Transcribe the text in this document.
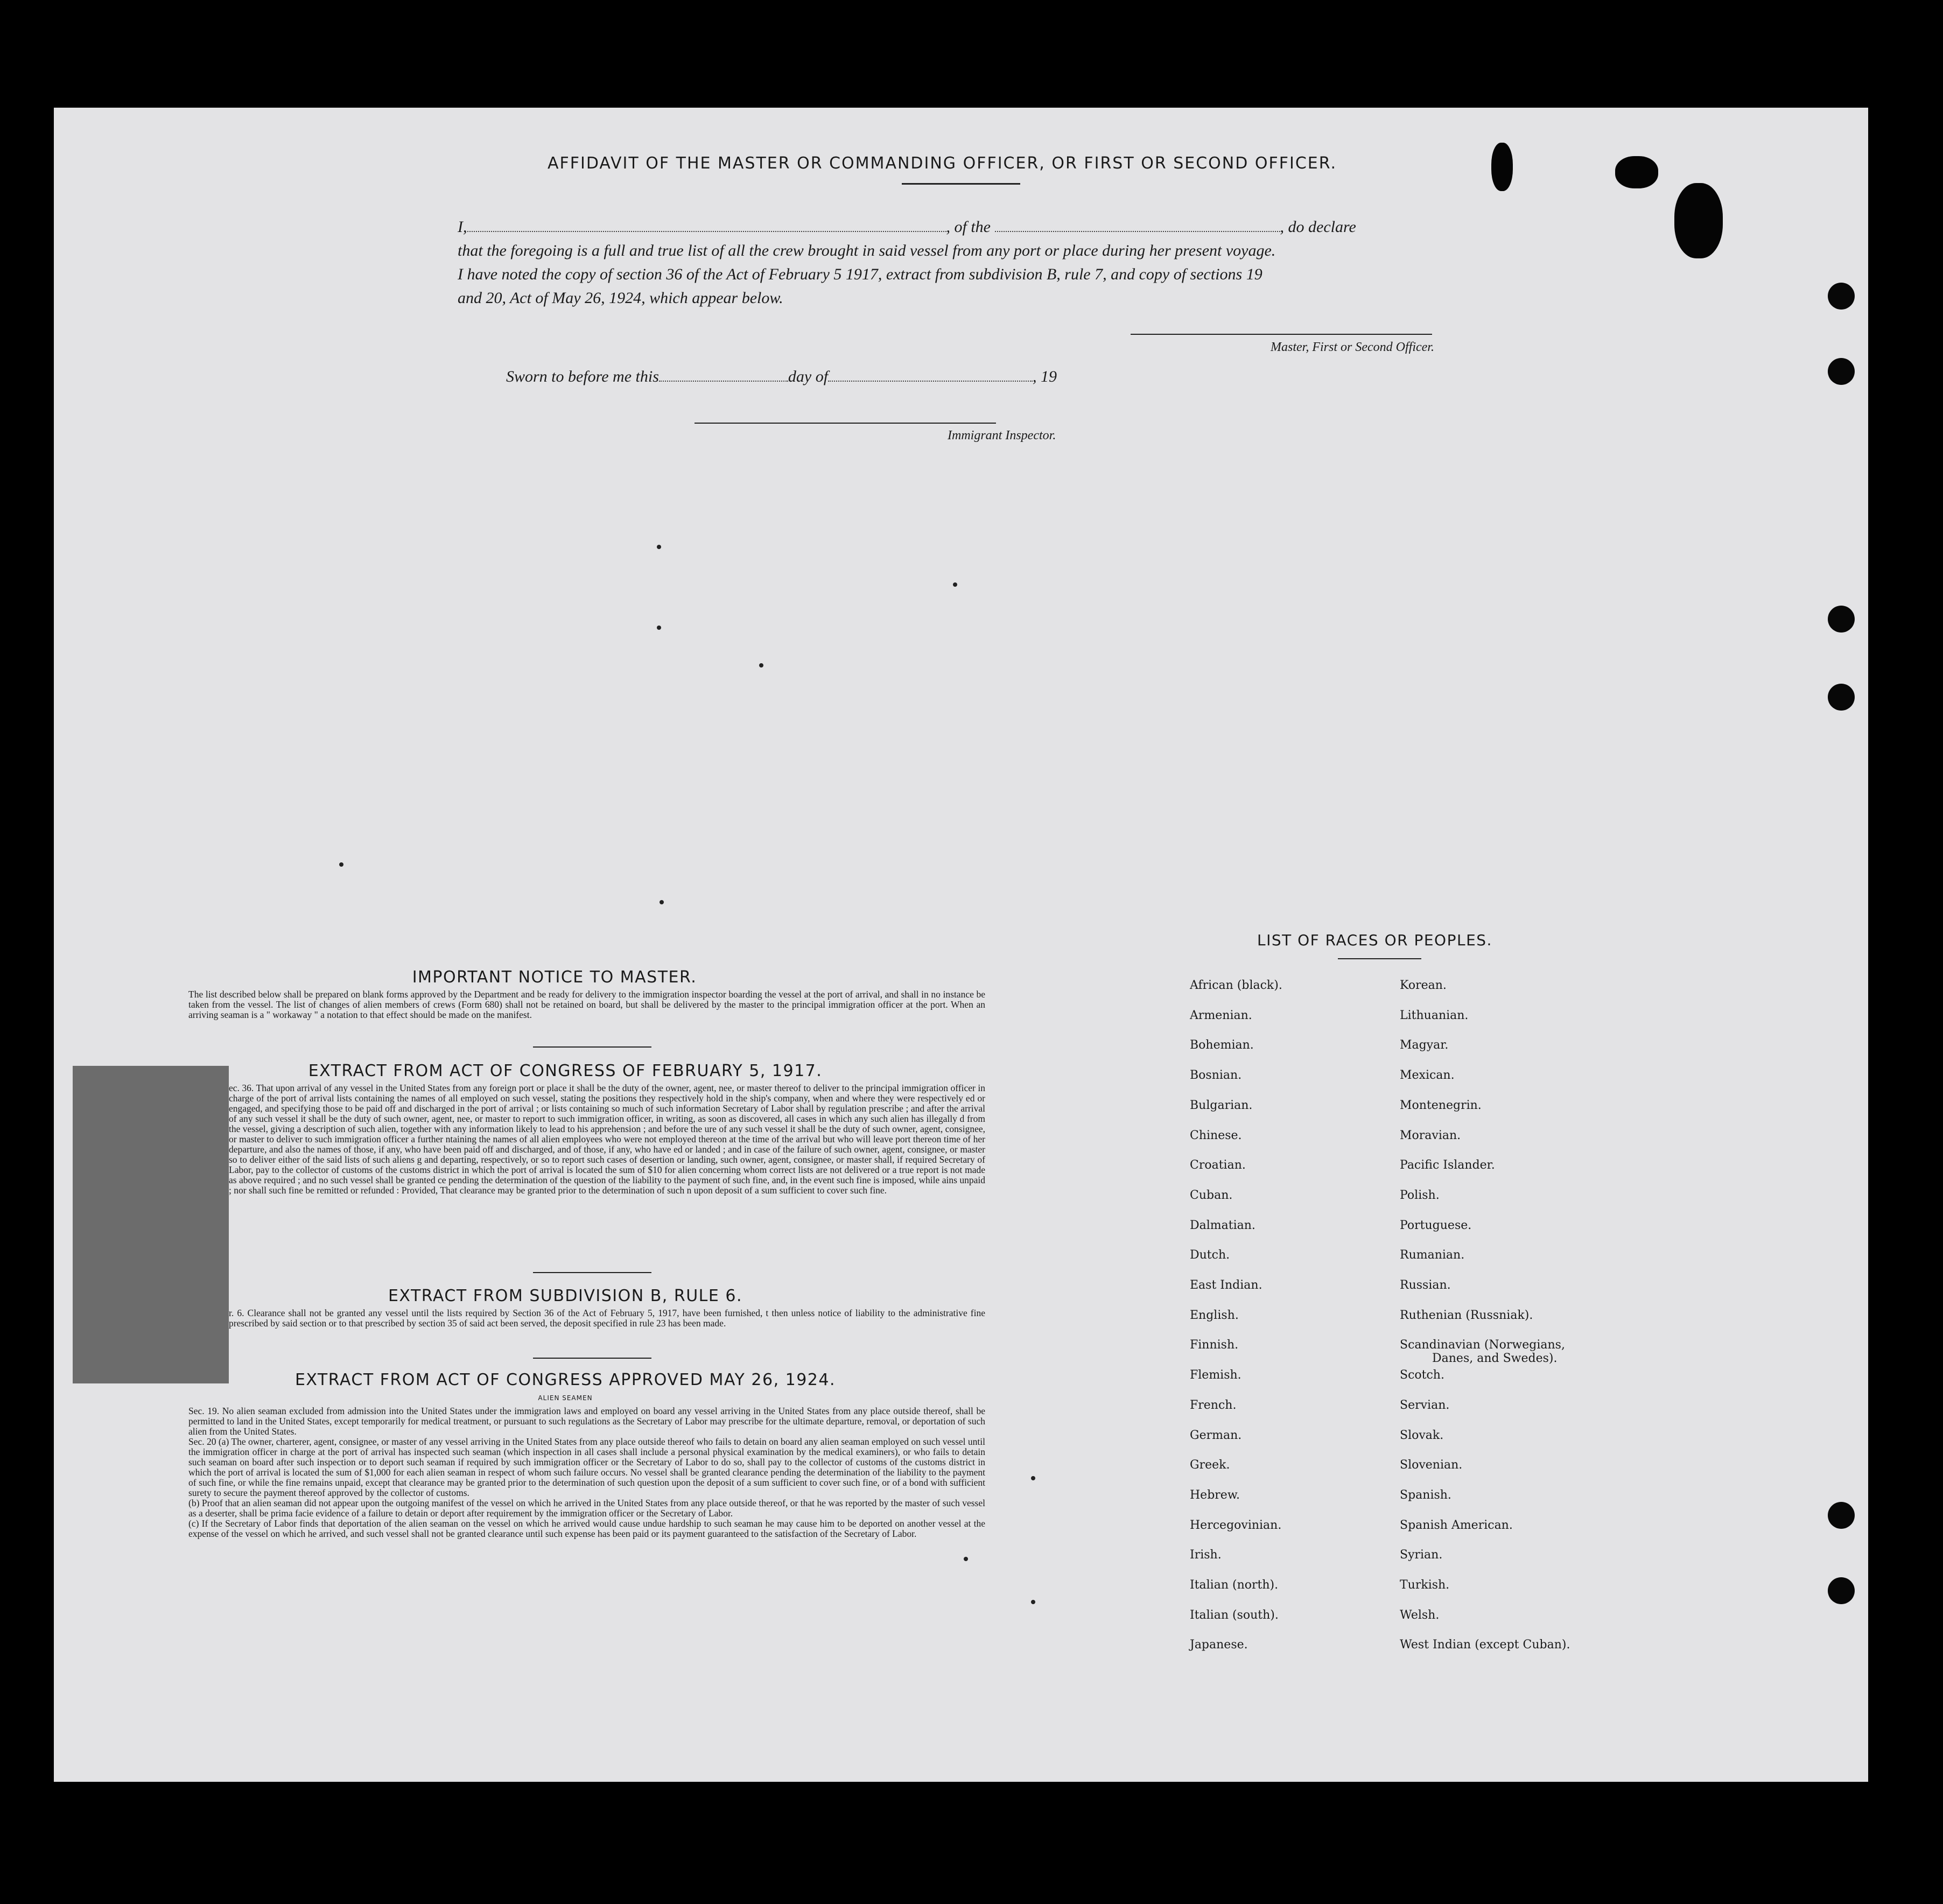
AFFIDAVIT OF THE MASTER OR COMMANDING OFFICER, OR FIRST OR SECOND OFFICER.
I,	, of the	, do declare
that the foregoing is a full and true list of all the crew brought in said vessel from any port or place during her present voyage.
I have noted the copy of section 36 of the Act of February 5 1917, extract from subdivision B, rule 7, and copy of sections 19
and 20, Act of May 26, 1924, which appear below.
Master, First or Second Officer.
Sworn to before me this	day of	, 19
Immigrant Inspector.
IMPORTANT NOTICE TO MASTER.
The list described below shall be prepared on blank forms approved by the Department and be ready for delivery to the immigration inspector boarding the vessel at the port of arrival, and shall in no instance be taken from the vessel. The list of changes of alien members of crews (Form 680) shall not be retained on board, but shall be delivered by the master to the principal immigration officer at the port. When an arriving seaman is a " workaway " a notation to that effect should be made on the manifest.
EXTRACT FROM ACT OF CONGRESS OF FEBRUARY 5, 1917.
ec. 36. That upon arrival of any vessel in the United States from any foreign port or place it shall be the duty of the owner, agent, nee, or master thereof to deliver to the principal immigration officer in charge of the port of arrival lists containing the names of all employed on such vessel, stating the positions they respectively hold in the ship's company, when and where they were respectively ed or engaged, and specifying those to be paid off and discharged in the port of arrival ; or lists containing so much of such information Secretary of Labor shall by regulation prescribe ; and after the arrival of any such vessel it shall be the duty of such owner, agent, nee, or master to report to such immigration officer, in writing, as soon as discovered, all cases in which any such alien has illegally d from the vessel, giving a description of such alien, together with any information likely to lead to his apprehension ; and before the ure of any such vessel it shall be the duty of such owner, agent, consignee, or master to deliver to such immigration officer a further ntaining the names of all alien employees who were not employed thereon at the time of the arrival but who will leave port thereon time of her departure, and also the names of those, if any, who have been paid off and discharged, and of those, if any, who have ed or landed ; and in case of the failure of such owner, agent, consignee, or master so to deliver either of the said lists of such aliens g and departing, respectively, or so to report such cases of desertion or landing, such owner, agent, consignee, or master shall, if required Secretary of Labor, pay to the collector of customs of the customs district in which the port of arrival is located the sum of $10 for alien concerning whom correct lists are not delivered or a true report is not made as above required ; and no such vessel shall be granted ce pending the determination of the question of the liability to the payment of such fine, and, in the event such fine is imposed, while ains unpaid ; nor shall such fine be remitted or refunded : Provided, That clearance may be granted prior to the determination of such n upon deposit of a sum sufficient to cover such fine.
EXTRACT FROM SUBDIVISION B, RULE 6.
r. 6. Clearance shall not be granted any vessel until the lists required by Section 36 of the Act of February 5, 1917, have been furnished, t then unless notice of liability to the administrative fine prescribed by said section or to that prescribed by section 35 of said act been served, the deposit specified in rule 23 has been made.
EXTRACT FROM ACT OF CONGRESS APPROVED MAY 26, 1924.
ALIEN SEAMEN
Sec. 19. No alien seaman excluded from admission into the United States under the immigration laws and employed on board any vessel arriving in the United States from any place outside thereof, shall be permitted to land in the United States, except temporarily for medical treatment, or pursuant to such regulations as the Secretary of Labor may prescribe for the ultimate departure, removal, or deportation of such alien from the United States.
Sec. 20 (a) The owner, charterer, agent, consignee, or master of any vessel arriving in the United States from any place outside thereof who fails to detain on board any alien seaman employed on such vessel until the immigration officer in charge at the port of arrival has inspected such seaman (which inspection in all cases shall include a personal physical examination by the medical examiners), or who fails to detain such seaman on board after such inspection or to deport such seaman if required by such immigration officer or the Secretary of Labor to do so, shall pay to the collector of customs of the customs district in which the port of arrival is located the sum of $1,000 for each alien seaman in respect of whom such failure occurs. No vessel shall be granted clearance pending the determination of the liability to the payment of such fine, or while the fine remains unpaid, except that clearance may be granted prior to the determination of such question upon the deposit of a sum sufficient to cover such fine, or of a bond with sufficient surety to secure the payment thereof approved by the collector of customs.
(b) Proof that an alien seaman did not appear upon the outgoing manifest of the vessel on which he arrived in the United States from any place outside thereof, or that he was reported by the master of such vessel as a deserter, shall be prima facie evidence of a failure to detain or deport after requirement by the immigration officer or the Secretary of Labor.
(c) If the Secretary of Labor finds that deportation of the alien seaman on the vessel on which he arrived would cause undue hardship to such seaman he may cause him to be deported on another vessel at the expense of the vessel on which he arrived, and such vessel shall not be granted clearance until such expense has been paid or its payment guaranteed to the satisfaction of the Secretary of Labor.
LIST OF RACES OR PEOPLES.
African (black).
Armenian.
Bohemian.
Bosnian.
Bulgarian.
Chinese.
Croatian.
Cuban.
Dalmatian.
Dutch.
East Indian.
English.
Finnish.
Flemish.
French.
German.
Greek.
Hebrew.
Hercegovinian.
Irish.
Italian (north).
Italian (south).
Japanese.
Korean.
Lithuanian.
Magyar.
Mexican.
Montenegrin.
Moravian.
Pacific Islander.
Polish.
Portuguese.
Rumanian.
Russian.
Ruthenian (Russniak).
Scandinavian (Norwegians,
Scotch.
Servian.
Slovak.
Slovenian.
Spanish.
Spanish American.
Syrian.
Turkish.
Welsh.
West Indian (except Cuban).
Danes, and Swedes).
